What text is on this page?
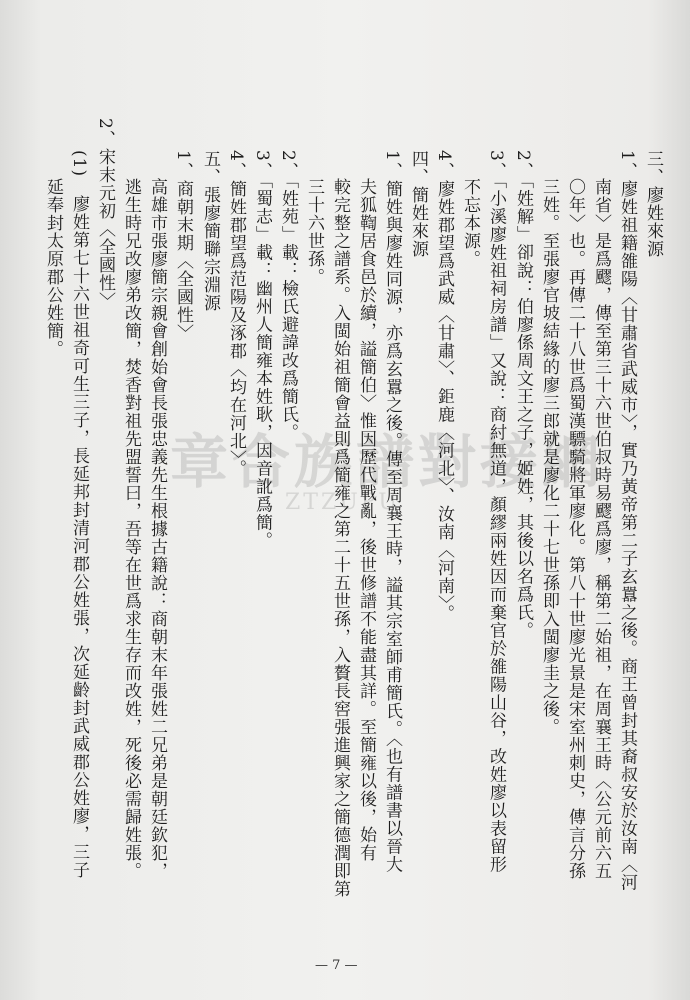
章合族譜對接網
ZTZUPU
三、廖姓來源
1、廖姓祖籍雒陽〈甘肅省武威市〉，實乃黃帝第二子玄囂之後。商王曾封其裔叔安於汝南〈河
南省〉是爲飂，傳至第三十六世伯叔時易飂爲廖，稱第二始祖，在周襄王時〈公元前六五
〇年〉也。再傳二十八世爲蜀漢驃騎將軍廖化。第八十世廖光景是宋室州刺史，傳言分孫
三姓。至張廖官坡結緣的廖三郎就是廖化二十七世孫即入閩廖圭之後。
2、「姓解」卻說：伯廖係周文王之子，姬姓，其後以名爲氏。
3、「小溪廖姓祖祠房譜」又說：商紂無道，顏繆兩姓因而棄官於雒陽山谷，改姓廖以表留形
不忘本源。
4、廖姓郡望爲武威〈甘肅〉、鉅鹿〈河北〉、汝南〈河南〉。
四、簡姓來源
1、簡姓與廖姓同源，亦爲玄囂之後。傳至周襄王時，謚其宗室師甫簡氏。〈也有譜書以晉大
夫狐鞫居食邑於續，謚簡伯〉惟因歷代戰亂，後世修譜不能盡其詳。至簡雍以後，始有
較完整之譜系。入閩始祖簡會益則爲簡雍之第二十五世孫，入贅長窖張進興家之簡德潤即第
三十六世孫。
2、「姓苑」載：檢氏避諱改爲簡氏。
3、「蜀志」載：幽州人簡雍本姓耿，因音訛爲簡。
4、簡姓郡望爲范陽及涿郡〈均在河北〉。
五、張廖簡聯宗淵源
1、商朝末期〈全國性〉
高雄市張廖簡宗親會創始會長張忠義先生根據古籍說：商朝末年張姓二兄弟是朝廷欽犯，
逃生時兄改廖弟改簡，焚香對祖先盟誓曰，吾等在世爲求生存而改姓，死後必需歸姓張。
2、宋末元初〈全國性〉
(1)　廖姓第七十六世祖奇可生三子，長延邦封清河郡公姓張，次延齡封武威郡公姓廖，三子
延奉封太原郡公姓簡。
— 7 —
